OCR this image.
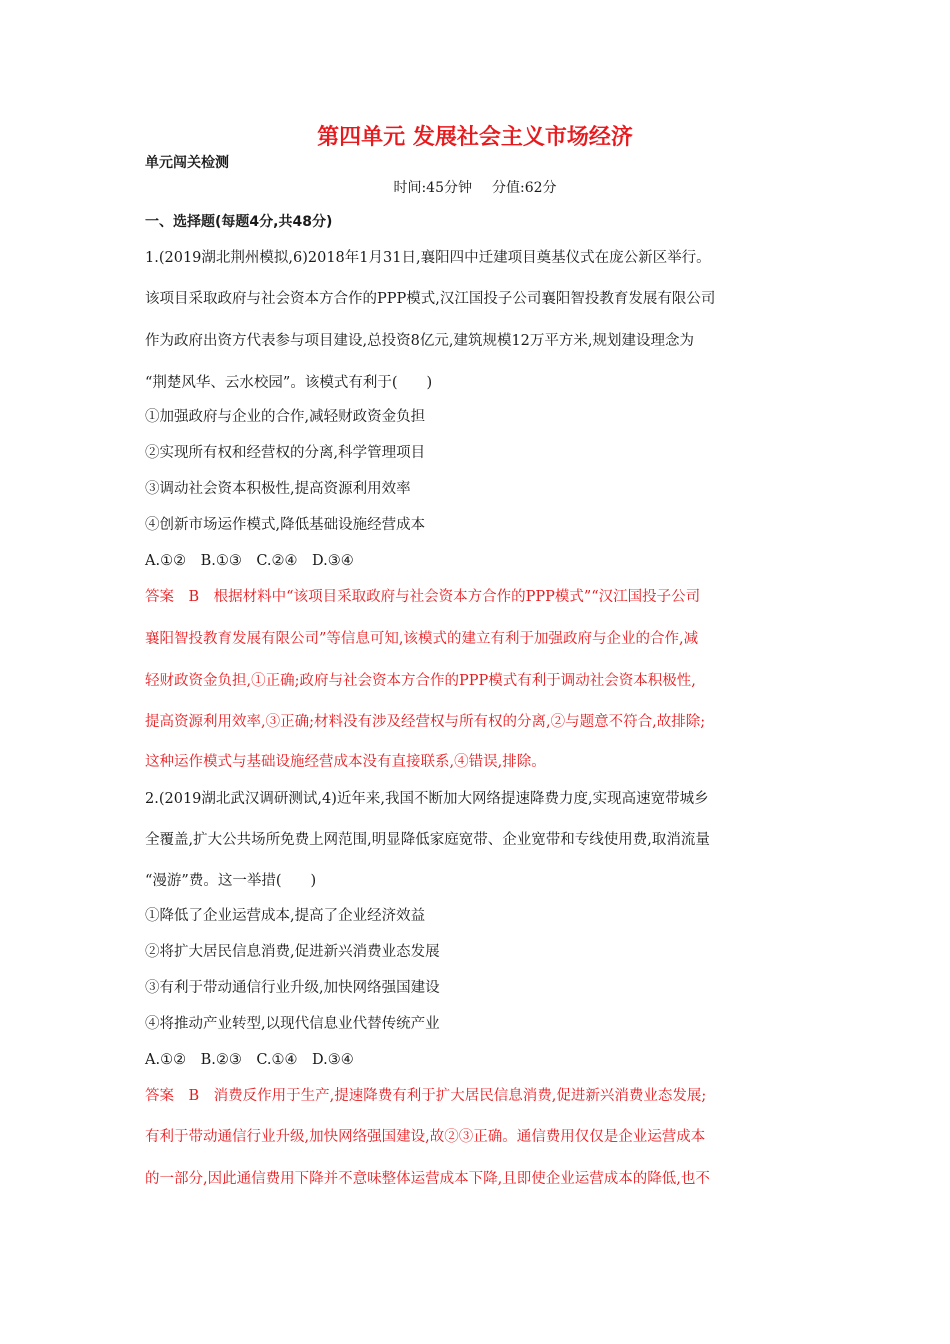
第四单元 发展社会主义市场经济
单元闯关检测
时间:45分钟 分值:62分
一、选择题(每题4分,共48分)
1.(2019湖北荆州模拟,6)2018年1月31日,襄阳四中迁建项目奠基仪式在庞公新区举行。
该项目采取政府与社会资本方合作的PPP模式,汉江国投子公司襄阳智投教育发展有限公司
作为政府出资方代表参与项目建设,总投资8亿元,建筑规模12万平方米,规划建设理念为
“荆楚风华、云水校园”。该模式有利于(　　)
①加强政府与企业的合作,减轻财政资金负担
②实现所有权和经营权的分离,科学管理项目
③调动社会资本积极性,提高资源利用效率
④创新市场运作模式,降低基础设施经营成本
A.①②　B.①③　C.②④　D.③④
答案　B　根据材料中“该项目采取政府与社会资本方合作的PPP模式”“汉江国投子公司
襄阳智投教育发展有限公司”等信息可知,该模式的建立有利于加强政府与企业的合作,减
轻财政资金负担,①正确;政府与社会资本方合作的PPP模式有利于调动社会资本积极性,
提高资源利用效率,③正确;材料没有涉及经营权与所有权的分离,②与题意不符合,故排除;
这种运作模式与基础设施经营成本没有直接联系,④错误,排除。
2.(2019湖北武汉调研测试,4)近年来,我国不断加大网络提速降费力度,实现高速宽带城乡
全覆盖,扩大公共场所免费上网范围,明显降低家庭宽带、企业宽带和专线使用费,取消流量
“漫游”费。这一举措(　　)
①降低了企业运营成本,提高了企业经济效益
②将扩大居民信息消费,促进新兴消费业态发展
③有利于带动通信行业升级,加快网络强国建设
④将推动产业转型,以现代信息业代替传统产业
A.①②　B.②③　C.①④　D.③④
答案　B　消费反作用于生产,提速降费有利于扩大居民信息消费,促进新兴消费业态发展;
有利于带动通信行业升级,加快网络强国建设,故②③正确。通信费用仅仅是企业运营成本
的一部分,因此通信费用下降并不意味整体运营成本下降,且即使企业运营成本的降低,也不
